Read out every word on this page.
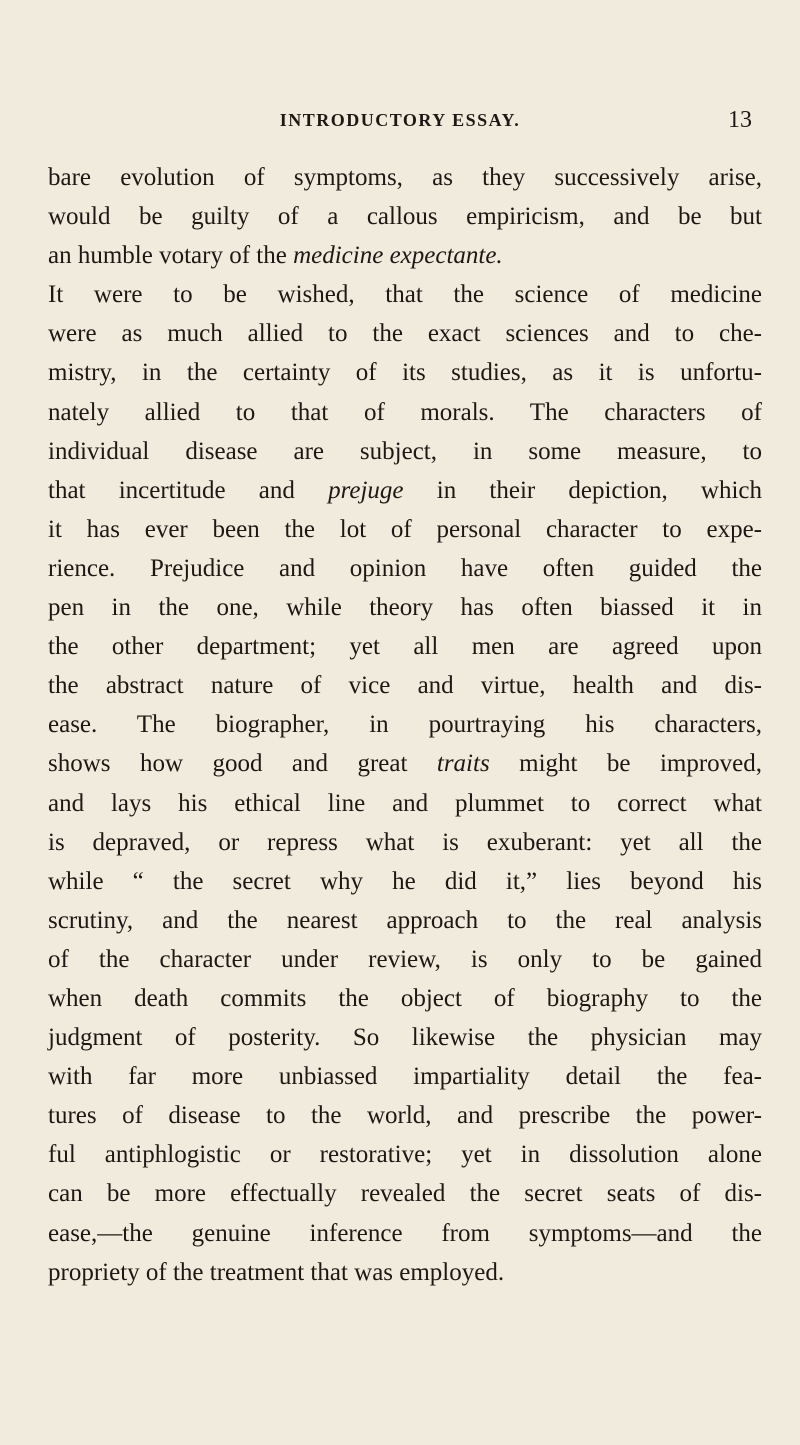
INTRODUCTORY ESSAY.	13
bare evolution of symptoms, as they successively arise,
would be guilty of a callous empiricism, and be but
an humble votary of the medicine expectante.
It were to be wished, that the science of medicine
were as much allied to the exact sciences and to che-
mistry, in the certainty of its studies, as it is unfortu-
nately allied to that of morals. The characters of
individual disease are subject, in some measure, to
that incertitude and prejuge in their depiction, which
it has ever been the lot of personal character to expe-
rience. Prejudice and opinion have often guided the
pen in the one, while theory has often biassed it in
the other department; yet all men are agreed upon
the abstract nature of vice and virtue, health and dis-
ease. The biographer, in pourtraying his characters,
shows how good and great traits might be improved,
and lays his ethical line and plummet to correct what
is depraved, or repress what is exuberant: yet all the
while “ the secret why he did it,” lies beyond his
scrutiny, and the nearest approach to the real analysis
of the character under review, is only to be gained
when death commits the object of biography to the
judgment of posterity. So likewise the physician may
with far more unbiassed impartiality detail the fea-
tures of disease to the world, and prescribe the power-
ful antiphlogistic or restorative; yet in dissolution alone
can be more effectually revealed the secret seats of dis-
ease,—the genuine inference from symptoms—and the
propriety of the treatment that was employed.
